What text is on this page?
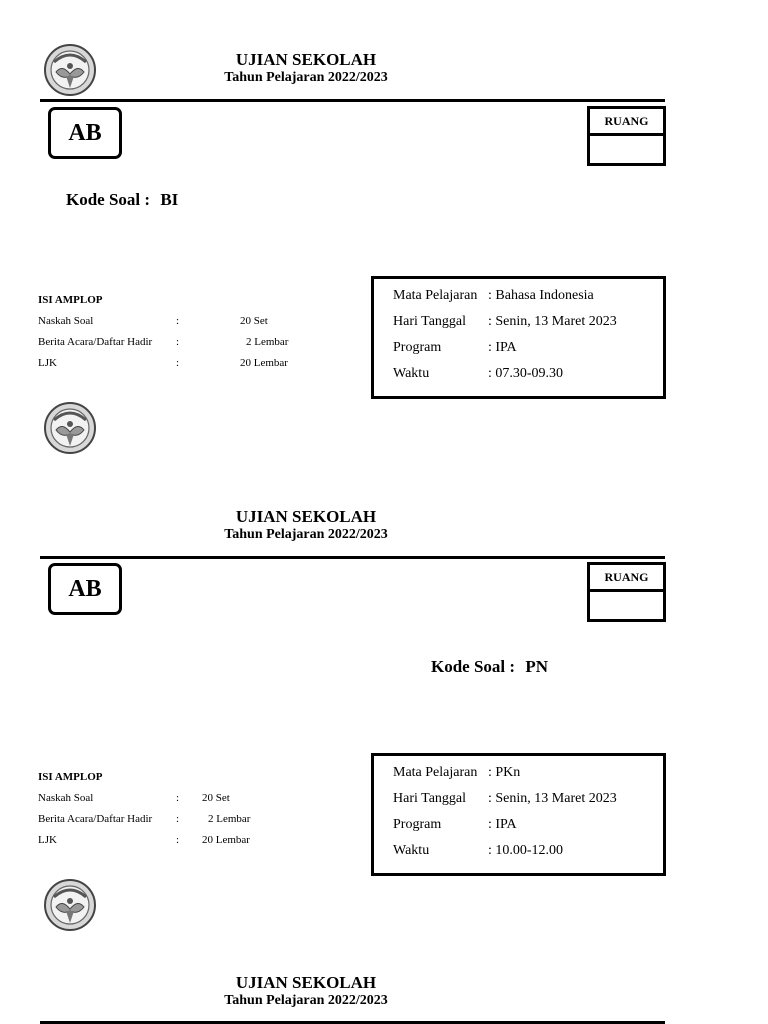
UJIAN SEKOLAH
Tahun Pelajaran 2022/2023
AB	RUANG
Kode Soal : BI
ISI AMPLOP
Naskah Soal	:	20 Set
Berita Acara/Daftar Hadir :	2 Lembar
LJK	:	20 Lembar
Mata Pelajaran : Bahasa Indonesia
Hari Tanggal : Senin, 13 Maret 2023
Program	: IPA
Waktu	: 07.30-09.30
UJIAN SEKOLAH
Tahun Pelajaran 2022/2023
AB	RUANG
Kode Soal : PN
ISI AMPLOP
Naskah Soal	: 20 Set
Berita Acara/Daftar Hadir :	2 Lembar
LJK	: 20 Lembar
Mata Pelajaran : PKn
Hari Tanggal : Senin, 13 Maret 2023
Program	: IPA
Waktu	: 10.00-12.00
UJIAN SEKOLAH
Tahun Pelajaran 2022/2023
